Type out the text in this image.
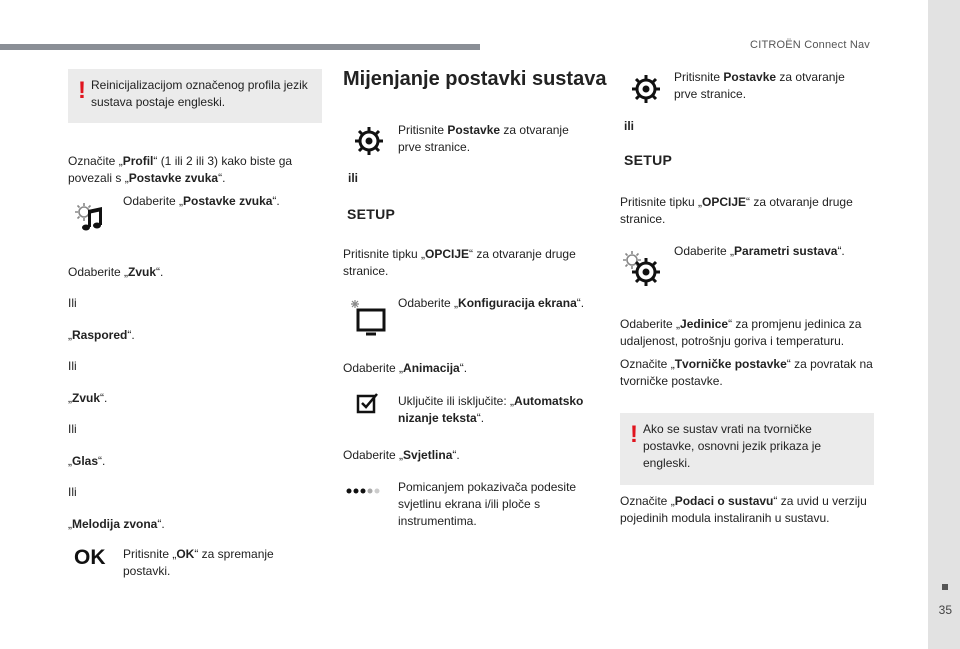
CITROËN Connect Nav
35
! Reinicijalizacijom označenog profila jezik sustava postaje engleski.
Označite „Profil“ (1 ili 2 ili 3) kako biste ga povezali s „Postavke zvuka“.
Odaberite „Postavke zvuka“.
Odaberite „Zvuk“.
Ili
„Raspored“.
Ili
„Zvuk“.
Ili
„Glas“.
Ili
„Melodija zvona“.
OK Pritisnite „OK“ za spremanje postavki.
Mijenjanje postavki sustava
Pritisnite Postavke za otvaranje prve stranice.
ili
SETUP
Pritisnite tipku „OPCIJE“ za otvaranje druge stranice.
Odaberite „Konfiguracija ekrana“.
Odaberite „Animacija“.
Uključite ili isključite: „Automatsko nizanje teksta“.
Odaberite „Svjetlina“.
Pomicanjem pokazivača podesite svjetlinu ekrana i/ili ploče s instrumentima.
Pritisnite Postavke za otvaranje prve stranice.
ili
SETUP
Pritisnite tipku „OPCIJE“ za otvaranje druge stranice.
Odaberite „Parametri sustava“.
Odaberite „Jedinice“ za promjenu jedinica za udaljenost, potrošnju goriva i temperaturu.
Označite „Tvorničke postavke“ za povratak na tvorničke postavke.
! Ako se sustav vrati na tvorničke postavke, osnovni jezik prikaza je engleski.
Označite „Podaci o sustavu“ za uvid u verziju pojedinih modula instaliranih u sustavu.
